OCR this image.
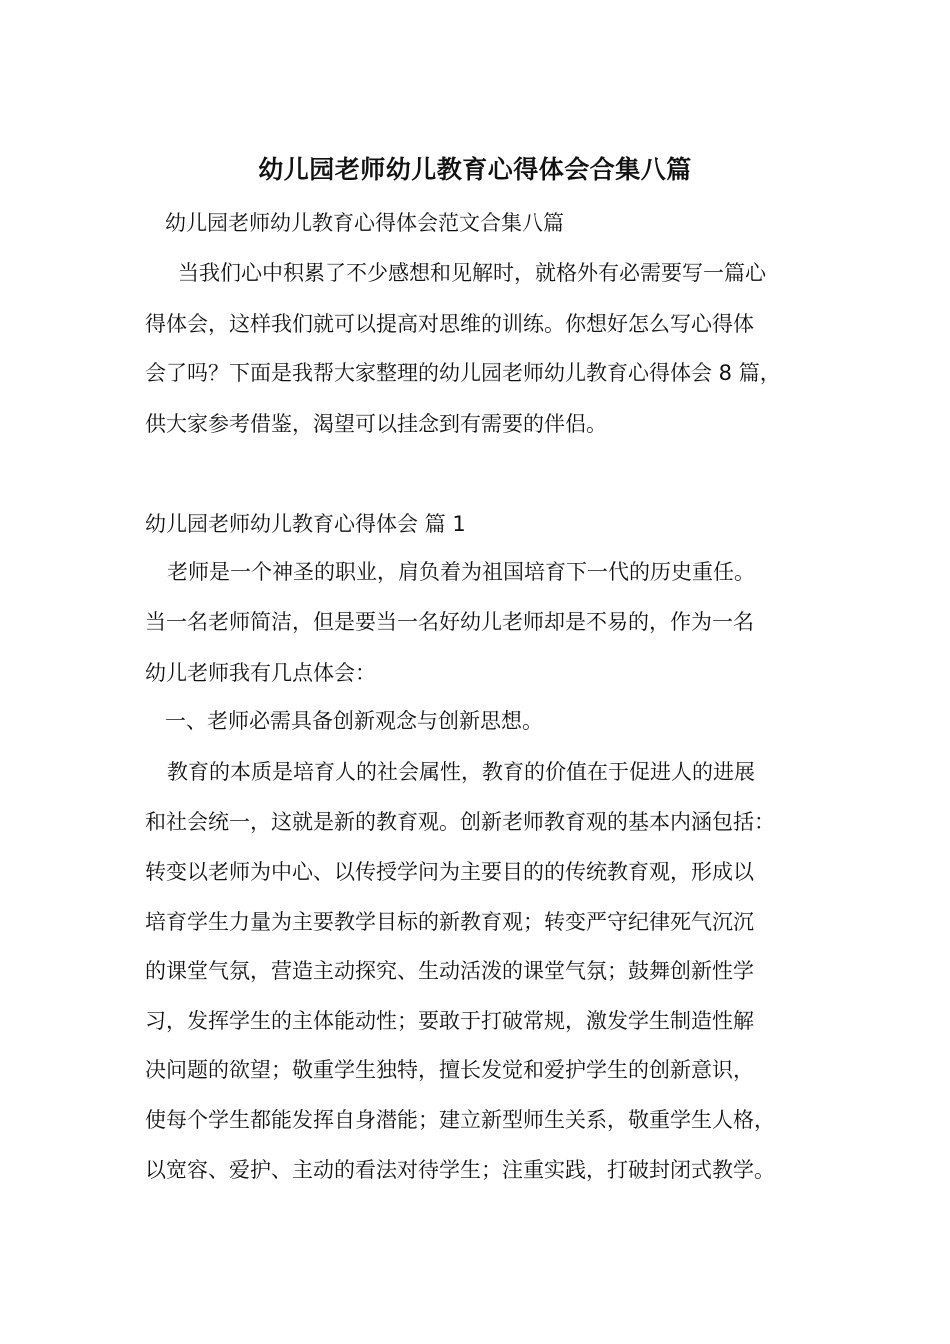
幼儿园老师幼儿教育心得体会合集八篇
幼儿园老师幼儿教育心得体会范文合集八篇
当我们心中积累了不少感想和见解时，就格外有必需要写一篇心
得体会，这样我们就可以提高对思维的训练。你想好怎么写心得体
会了吗？下面是我帮大家整理的幼儿园老师幼儿教育心得体会 8 篇，
供大家参考借鉴，渴望可以挂念到有需要的伴侣。
幼儿园老师幼儿教育心得体会 篇 1
老师是一个神圣的职业，肩负着为祖国培育下一代的历史重任。
当一名老师简洁，但是要当一名好幼儿老师却是不易的，作为一名
幼儿老师我有几点体会：
一、老师必需具备创新观念与创新思想。
教育的本质是培育人的社会属性，教育的价值在于促进人的进展
和社会统一，这就是新的教育观。创新老师教育观的基本内涵包括：
转变以老师为中心、以传授学问为主要目的的传统教育观，形成以
培育学生力量为主要教学目标的新教育观；转变严守纪律死气沉沉
的课堂气氛，营造主动探究、生动活泼的课堂气氛；鼓舞创新性学
习，发挥学生的主体能动性；要敢于打破常规，激发学生制造性解
决问题的欲望；敬重学生独特，擅长发觉和爱护学生的创新意识，
使每个学生都能发挥自身潜能；建立新型师生关系，敬重学生人格，
以宽容、爱护、主动的看法对待学生；注重实践，打破封闭式教学。
